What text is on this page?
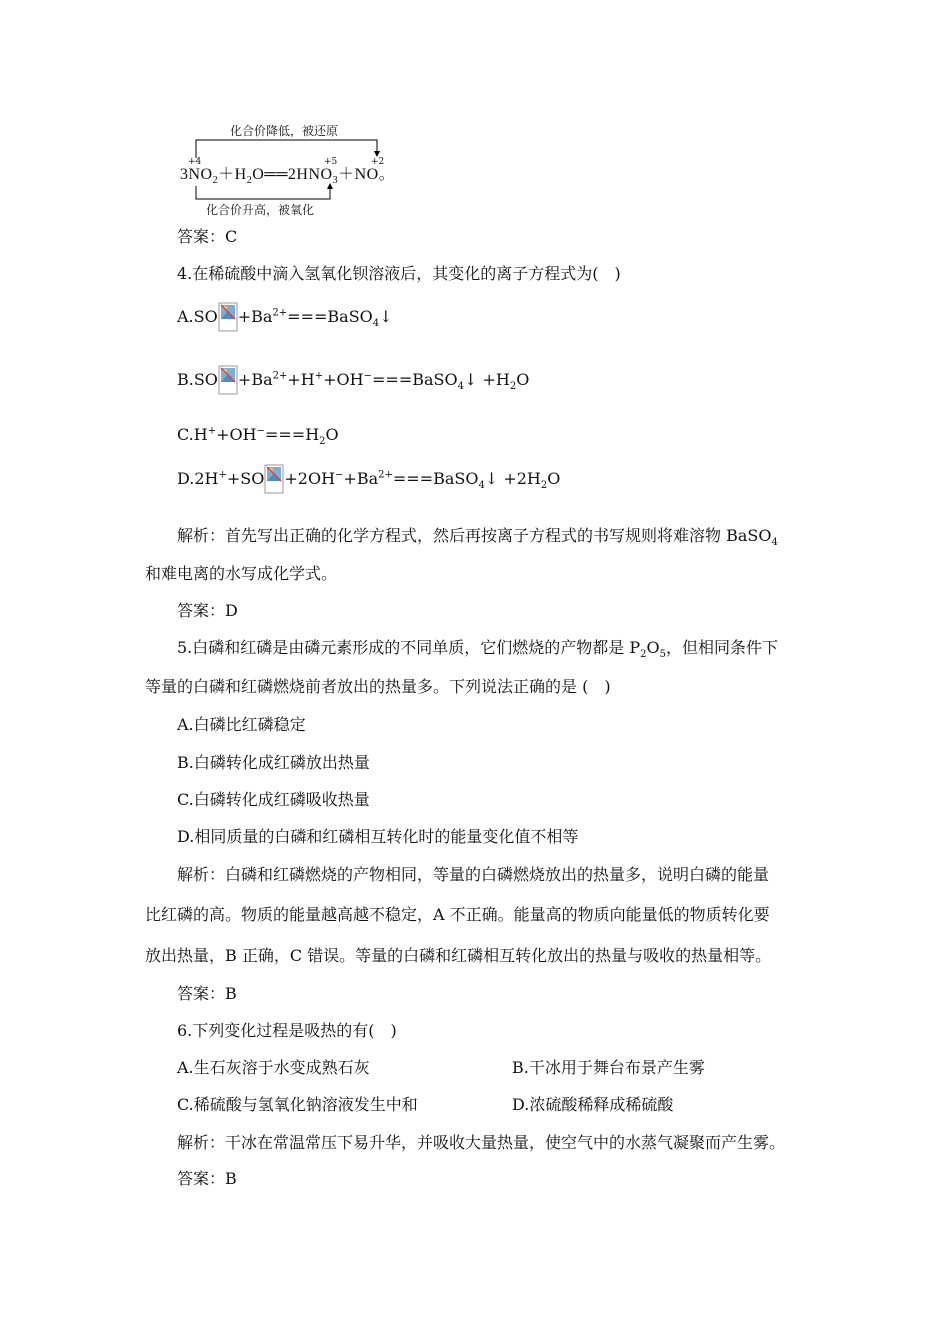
化合价降低，被还原
化合价升高，被氧化
+4	+5	+2
$3NO_2+H_2O══2HNO_3+NO$。
答案：C
4.在稀硫酸中滴入氢氧化钡溶液后，其变化的离子方程式为(　)
$A.SO +Ba^{2+}===BaSO_4↓$
$B.SO +Ba^{2+}+H^++OH^-===BaSO_4↓ +H_2O$
$C.H^++OH^-===H_2O$
$D.2H^++SO +2OH^-+Ba^{2+}===BaSO_4↓ +2H_2O$
解析：首先写出正确的化学方程式，然后再按离子方程式的书写规则将难溶物 BaSO$_4$
和难电离的水写成化学式。
答案：D
5.白磷和红磷是由磷元素形成的不同单质，它们燃烧的产物都是 $P_2O_5$，但相同条件下
等量的白磷和红磷燃烧前者放出的热量多。下列说法正确的是 (　)
A.白磷比红磷稳定
B.白磷转化成红磷放出热量
C.白磷转化成红磷吸收热量
D.相同质量的白磷和红磷相互转化时的能量变化值不相等
解析：白磷和红磷燃烧的产物相同，等量的白磷燃烧放出的热量多，说明白磷的能量
比红磷的高。物质的能量越高越不稳定，A 不正确。能量高的物质向能量低的物质转化要
放出热量，B 正确，C 错误。等量的白磷和红磷相互转化放出的热量与吸收的热量相等。
答案：B
6.下列变化过程是吸热的有(　)
A.生石灰溶于水变成熟石灰	B.干冰用于舞台布景产生雾
C.稀硫酸与氢氧化钠溶液发生中和	D.浓硫酸稀释成稀硫酸
解析：干冰在常温常压下易升华，并吸收大量热量，使空气中的水蒸气凝聚而产生雾。
答案：B
